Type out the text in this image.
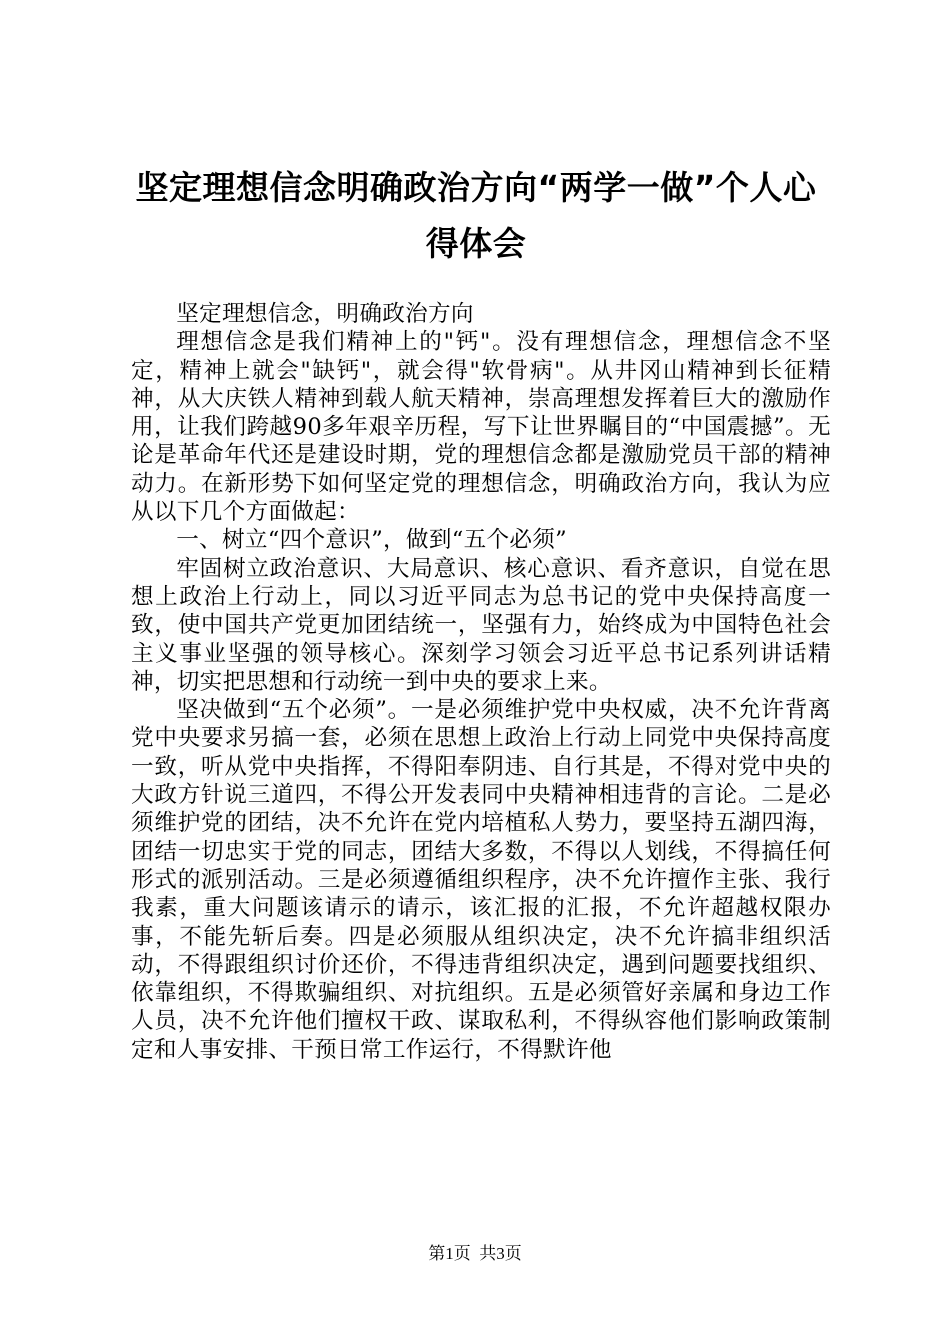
坚定理想信念明确政治方向“两学一做”个人心得体会

坚定理想信念，明确政治方向

理想信念是我们精神上的"钙"。没有理想信念，理想信念不坚定，精神上就会"缺钙"，就会得"软骨病"。从井冈山精神到长征精神，从大庆铁人精神到载人航天精神，崇高理想发挥着巨大的激励作用，让我们跨越90多年艰辛历程，写下让世界瞩目的“中国震撼”。无论是革命年代还是建设时期，党的理想信念都是激励党员干部的精神动力。在新形势下如何坚定党的理想信念，明确政治方向，我认为应从以下几个方面做起：

一、树立“四个意识”，做到“五个必须”

牢固树立政治意识、大局意识、核心意识、看齐意识，自觉在思想上政治上行动上，同以习近平同志为总书记的党中央保持高度一致，使中国共产党更加团结统一，坚强有力，始终成为中国特色社会主义事业坚强的领导核心。深刻学习领会习近平总书记系列讲话精神，切实把思想和行动统一到中央的要求上来。

坚决做到“五个必须”。一是必须维护党中央权威，决不允许背离党中央要求另搞一套，必须在思想上政治上行动上同党中央保持高度一致，听从党中央指挥，不得阳奉阴违、自行其是，不得对党中央的大政方针说三道四，不得公开发表同中央精神相违背的言论。二是必须维护党的团结，决不允许在党内培植私人势力，要坚持五湖四海，团结一切忠实于党的同志，团结大多数，不得以人划线，不得搞任何形式的派别活动。三是必须遵循组织程序，决不允许擅作主张、我行我素，重大问题该请示的请示，该汇报的汇报，不允许超越权限办事，不能先斩后奏。四是必须服从组织决定，决不允许搞非组织活动，不得跟组织讨价还价，不得违背组织决定，遇到问题要找组织、依靠组织，不得欺骗组织、对抗组织。五是必须管好亲属和身边工作人员，决不允许他们擅权干政、谋取私利，不得纵容他们影响政策制定和人事安排、干预日常工作运行，不得默许他

第1页 共3页
